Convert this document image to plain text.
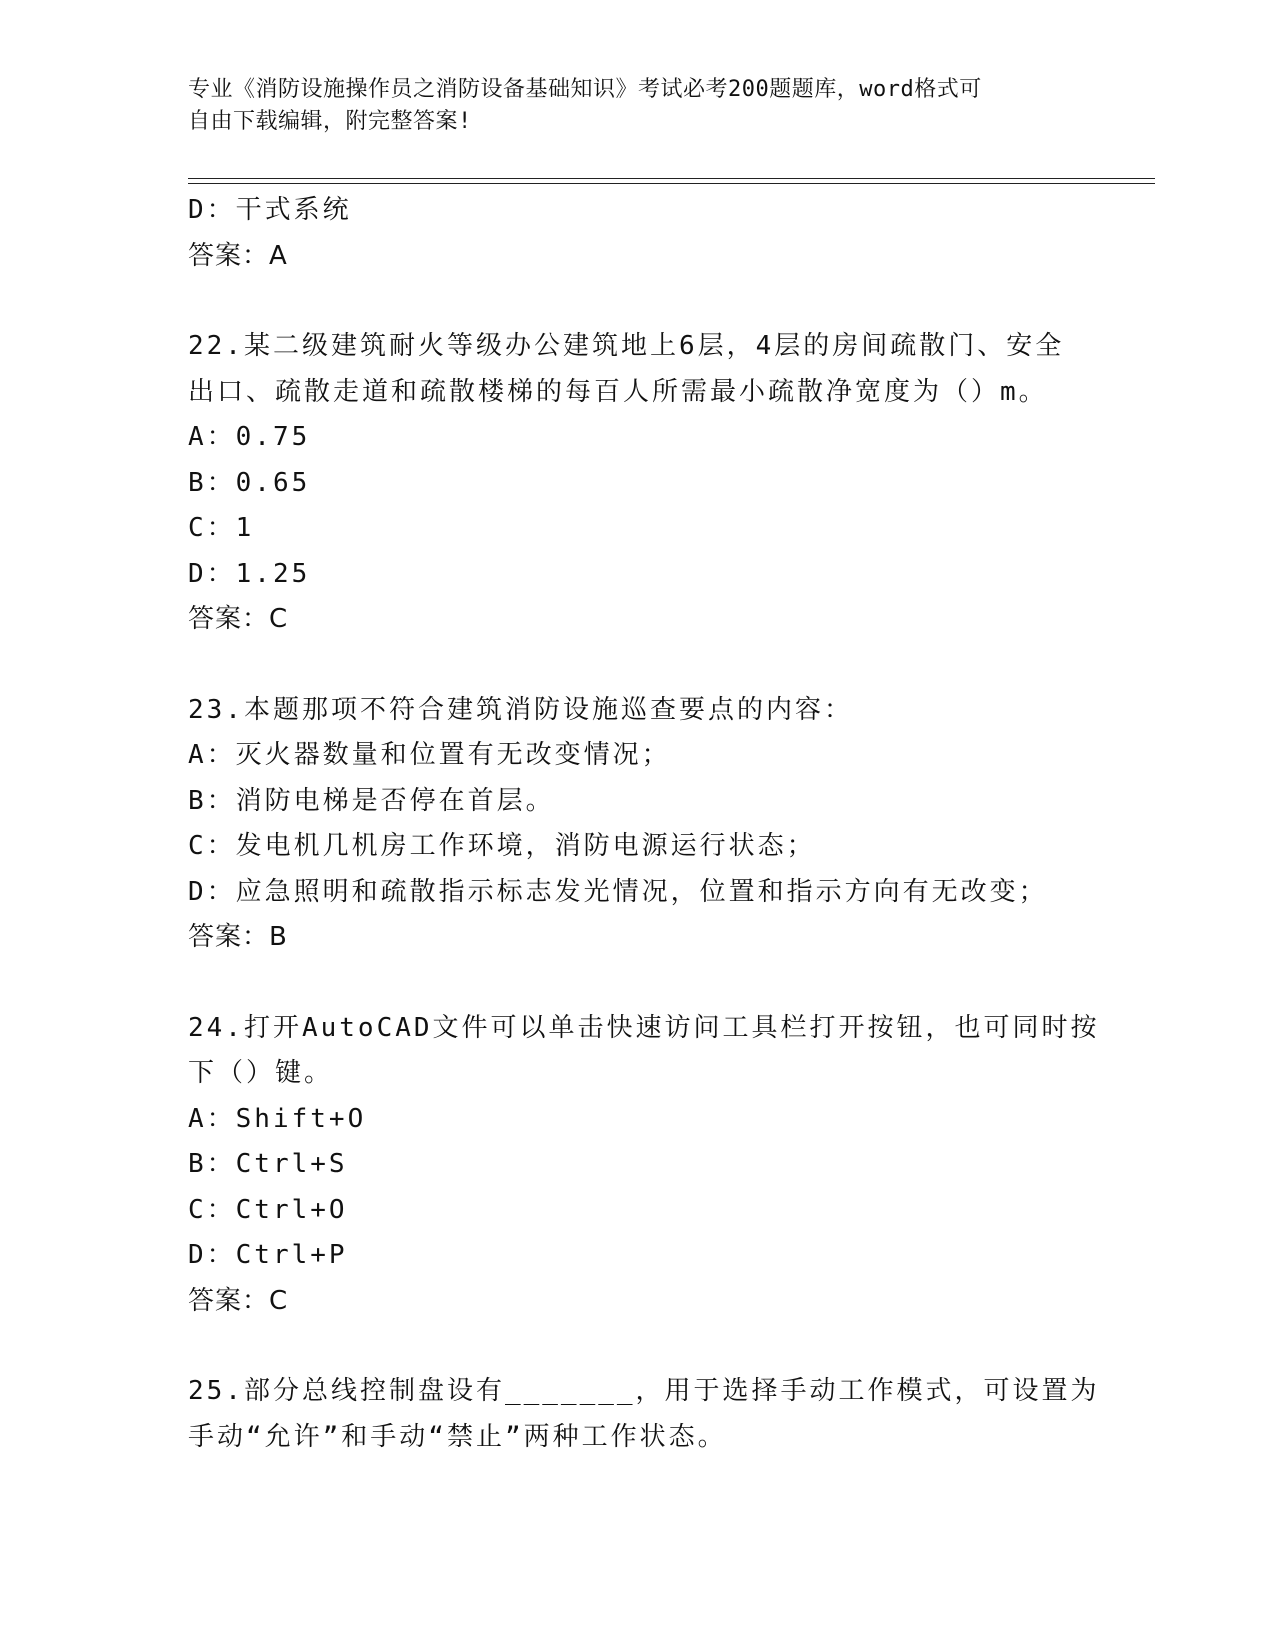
专业《消防设施操作员之消防设备基础知识》考试必考200题题库，word格式可
自由下载编辑，附完整答案!
D：干式系统
答案：A
22.某二级建筑耐火等级办公建筑地上6层，4层的房间疏散门、安全
出口、疏散走道和疏散楼梯的每百人所需最小疏散净宽度为（）m。
A：0.75
B：0.65
C：1
D：1.25
答案：C
23.本题那项不符合建筑消防设施巡查要点的内容：
A：灭火器数量和位置有无改变情况；
B：消防电梯是否停在首层。
C：发电机几机房工作环境，消防电源运行状态；
D：应急照明和疏散指示标志发光情况，位置和指示方向有无改变；
答案：B
24.打开AutoCAD文件可以单击快速访问工具栏打开按钮，也可同时按
下（）键。
A：Shift+O
B：Ctrl+S
C：Ctrl+O
D：Ctrl+P
答案：C
25.部分总线控制盘设有_______，用于选择手动工作模式，可设置为
手动“允许”和手动“禁止”两种工作状态。
